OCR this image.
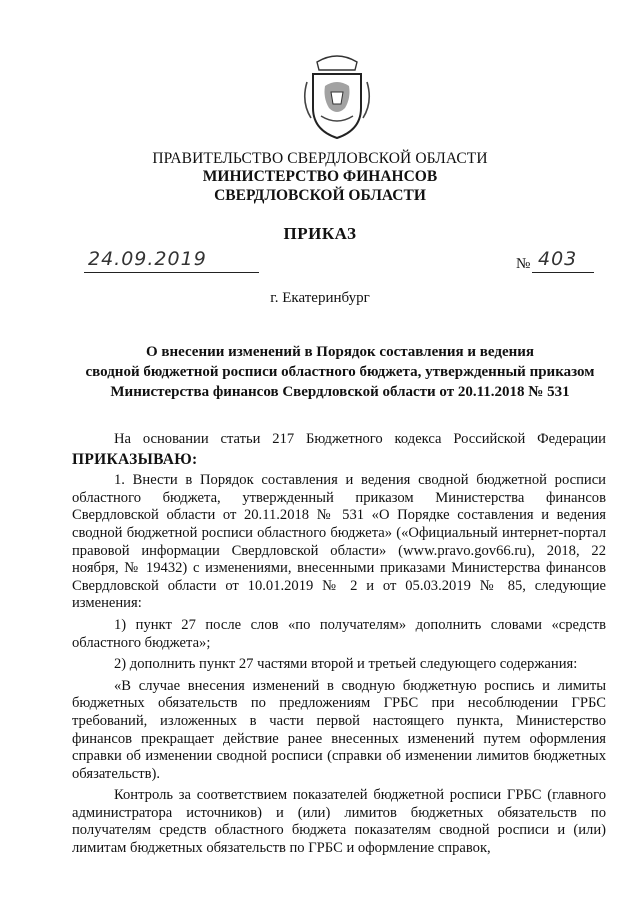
ПРАВИТЕЛЬСТВО СВЕРДЛОВСКОЙ ОБЛАСТИ
МИНИСТЕРСТВО ФИНАНСОВ
СВЕРДЛОВСКОЙ ОБЛАСТИ
ПРИКАЗ
24.09.2019	№ 403
г. Екатеринбург
О внесении изменений в Порядок составления и ведения
сводной бюджетной росписи областного бюджета, утвержденный приказом
Министерства финансов Свердловской области от 20.11.2018 № 531

На основании статьи 217 Бюджетного кодекса Российской Федерации

ПРИКАЗЫВАЮ:

1. Внести в Порядок составления и ведения сводной бюджетной росписи областного бюджета, утвержденный приказом Министерства финансов Свердловской области от 20.11.2018 № 531 «О Порядке составления и ведения сводной бюджетной росписи областного бюджета» («Официальный интернет-портал правовой информации Свердловской области» (www.pravo.gov66.ru), 2018, 22 ноября, № 19432) с изменениями, внесенными приказами Министерства финансов Свердловской области от 10.01.2019 № 2 и от 05.03.2019 № 85, следующие изменения:

1) пункт 27 после слов «по получателям» дополнить словами «средств областного бюджета»;

2) дополнить пункт 27 частями второй и третьей следующего содержания:

«В случае внесения изменений в сводную бюджетную роспись и лимиты бюджетных обязательств по предложениям ГРБС при несоблюдении ГРБС требований, изложенных в части первой настоящего пункта, Министерство финансов прекращает действие ранее внесенных изменений путем оформления справки об изменении сводной росписи (справки об изменении лимитов бюджетных обязательств).

Контроль за соответствием показателей бюджетной росписи ГРБС (главного администратора источников) и (или) лимитов бюджетных обязательств по получателям средств областного бюджета показателям сводной росписи и (или) лимитам бюджетных обязательств по ГРБС и оформление справок,
